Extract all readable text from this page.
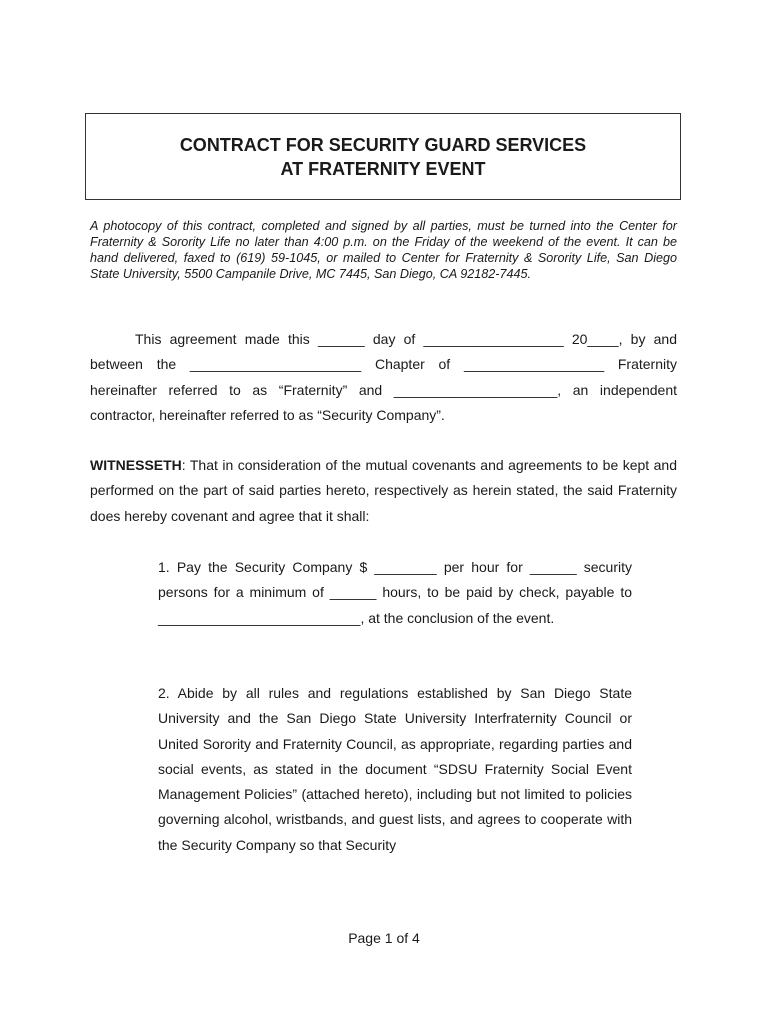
CONTRACT FOR SECURITY GUARD SERVICES
AT FRATERNITY EVENT
A photocopy of this contract, completed and signed by all parties, must be turned into the Center for Fraternity & Sorority Life no later than 4:00 p.m. on the Friday of the weekend of the event. It can be hand delivered, faxed to (619) 59-1045, or mailed to Center for Fraternity & Sorority Life, San Diego State University, 5500 Campanile Drive, MC 7445, San Diego, CA 92182-7445.
This agreement made this ______ day of __________________ 20____, by and between the ______________________ Chapter of __________________ Fraternity hereinafter referred to as “Fraternity” and _____________________, an independent contractor, hereinafter referred to as “Security Company”.
WITNESSETH: That in consideration of the mutual covenants and agreements to be kept and performed on the part of said parties hereto, respectively as herein stated, the said Fraternity does hereby covenant and agree that it shall:
1. Pay the Security Company $ ________ per hour for ______ security persons for a minimum of ______ hours, to be paid by check, payable to __________________________, at the conclusion of the event.
2. Abide by all rules and regulations established by San Diego State University and the San Diego State University Interfraternity Council or United Sorority and Fraternity Council, as appropriate, regarding parties and social events, as stated in the document “SDSU Fraternity Social Event Management Policies” (attached hereto), including but not limited to policies governing alcohol, wristbands, and guest lists, and agrees to cooperate with the Security Company so that Security
Page 1 of 4
